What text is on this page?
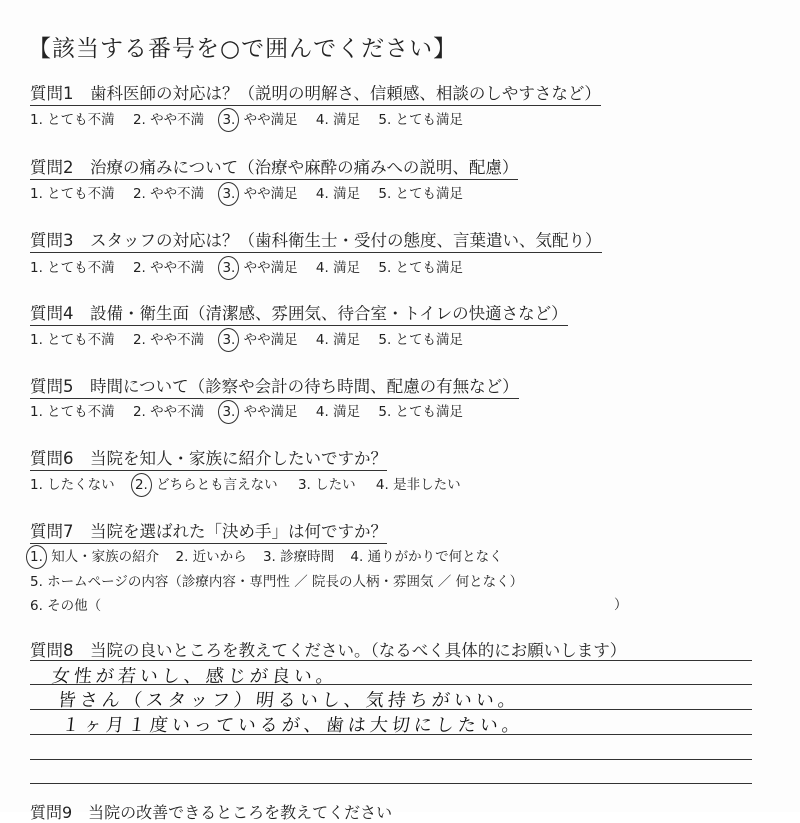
【該当する番号を○で囲んでください】
質問1　歯科医師の対応は？（説明の明解さ、信頼感、相談のしやすさなど）
1. とても不満 2. やや不満 3. やや満足 4. 満足 5. とても満足
質問2　治療の痛みについて（治療や麻酔の痛みへの説明、配慮）
1. とても不満 2. やや不満 3. やや満足 4. 満足 5. とても満足
質問3　スタッフの対応は？（歯科衛生士・受付の態度、言葉遣い、気配り）
1. とても不満 2. やや不満 3. やや満足 4. 満足 5. とても満足
質問4　設備・衛生面（清潔感、雰囲気、待合室・トイレの快適さなど）
1. とても不満 2. やや不満 3. やや満足 4. 満足 5. とても満足
質問5　時間について（診察や会計の待ち時間、配慮の有無など）
1. とても不満 2. やや不満 3. やや満足 4. 満足 5. とても満足
質問6　当院を知人・家族に紹介したいですか？
1. したくない 2. どちらとも言えない 3. したい 4. 是非したい
質問7　当院を選ばれた「決め手」は何ですか？
1. 知人・家族の紹介 2. 近いから 3. 診療時間 4. 通りがかりで何となく
5. ホームページの内容（診療内容・専門性 ／ 院長の人柄・雰囲気 ／ 何となく）
6. その他（	）
質問8　当院の良いところを教えてください。（なるべく具体的にお願いします）
女性が若いし、感じが良い。
皆さん（スタッフ）明るいし、気持ちがいい。
１ヶ月１度いっているが、歯は大切にしたい。
質問9　当院の改善できるところを教えてください
